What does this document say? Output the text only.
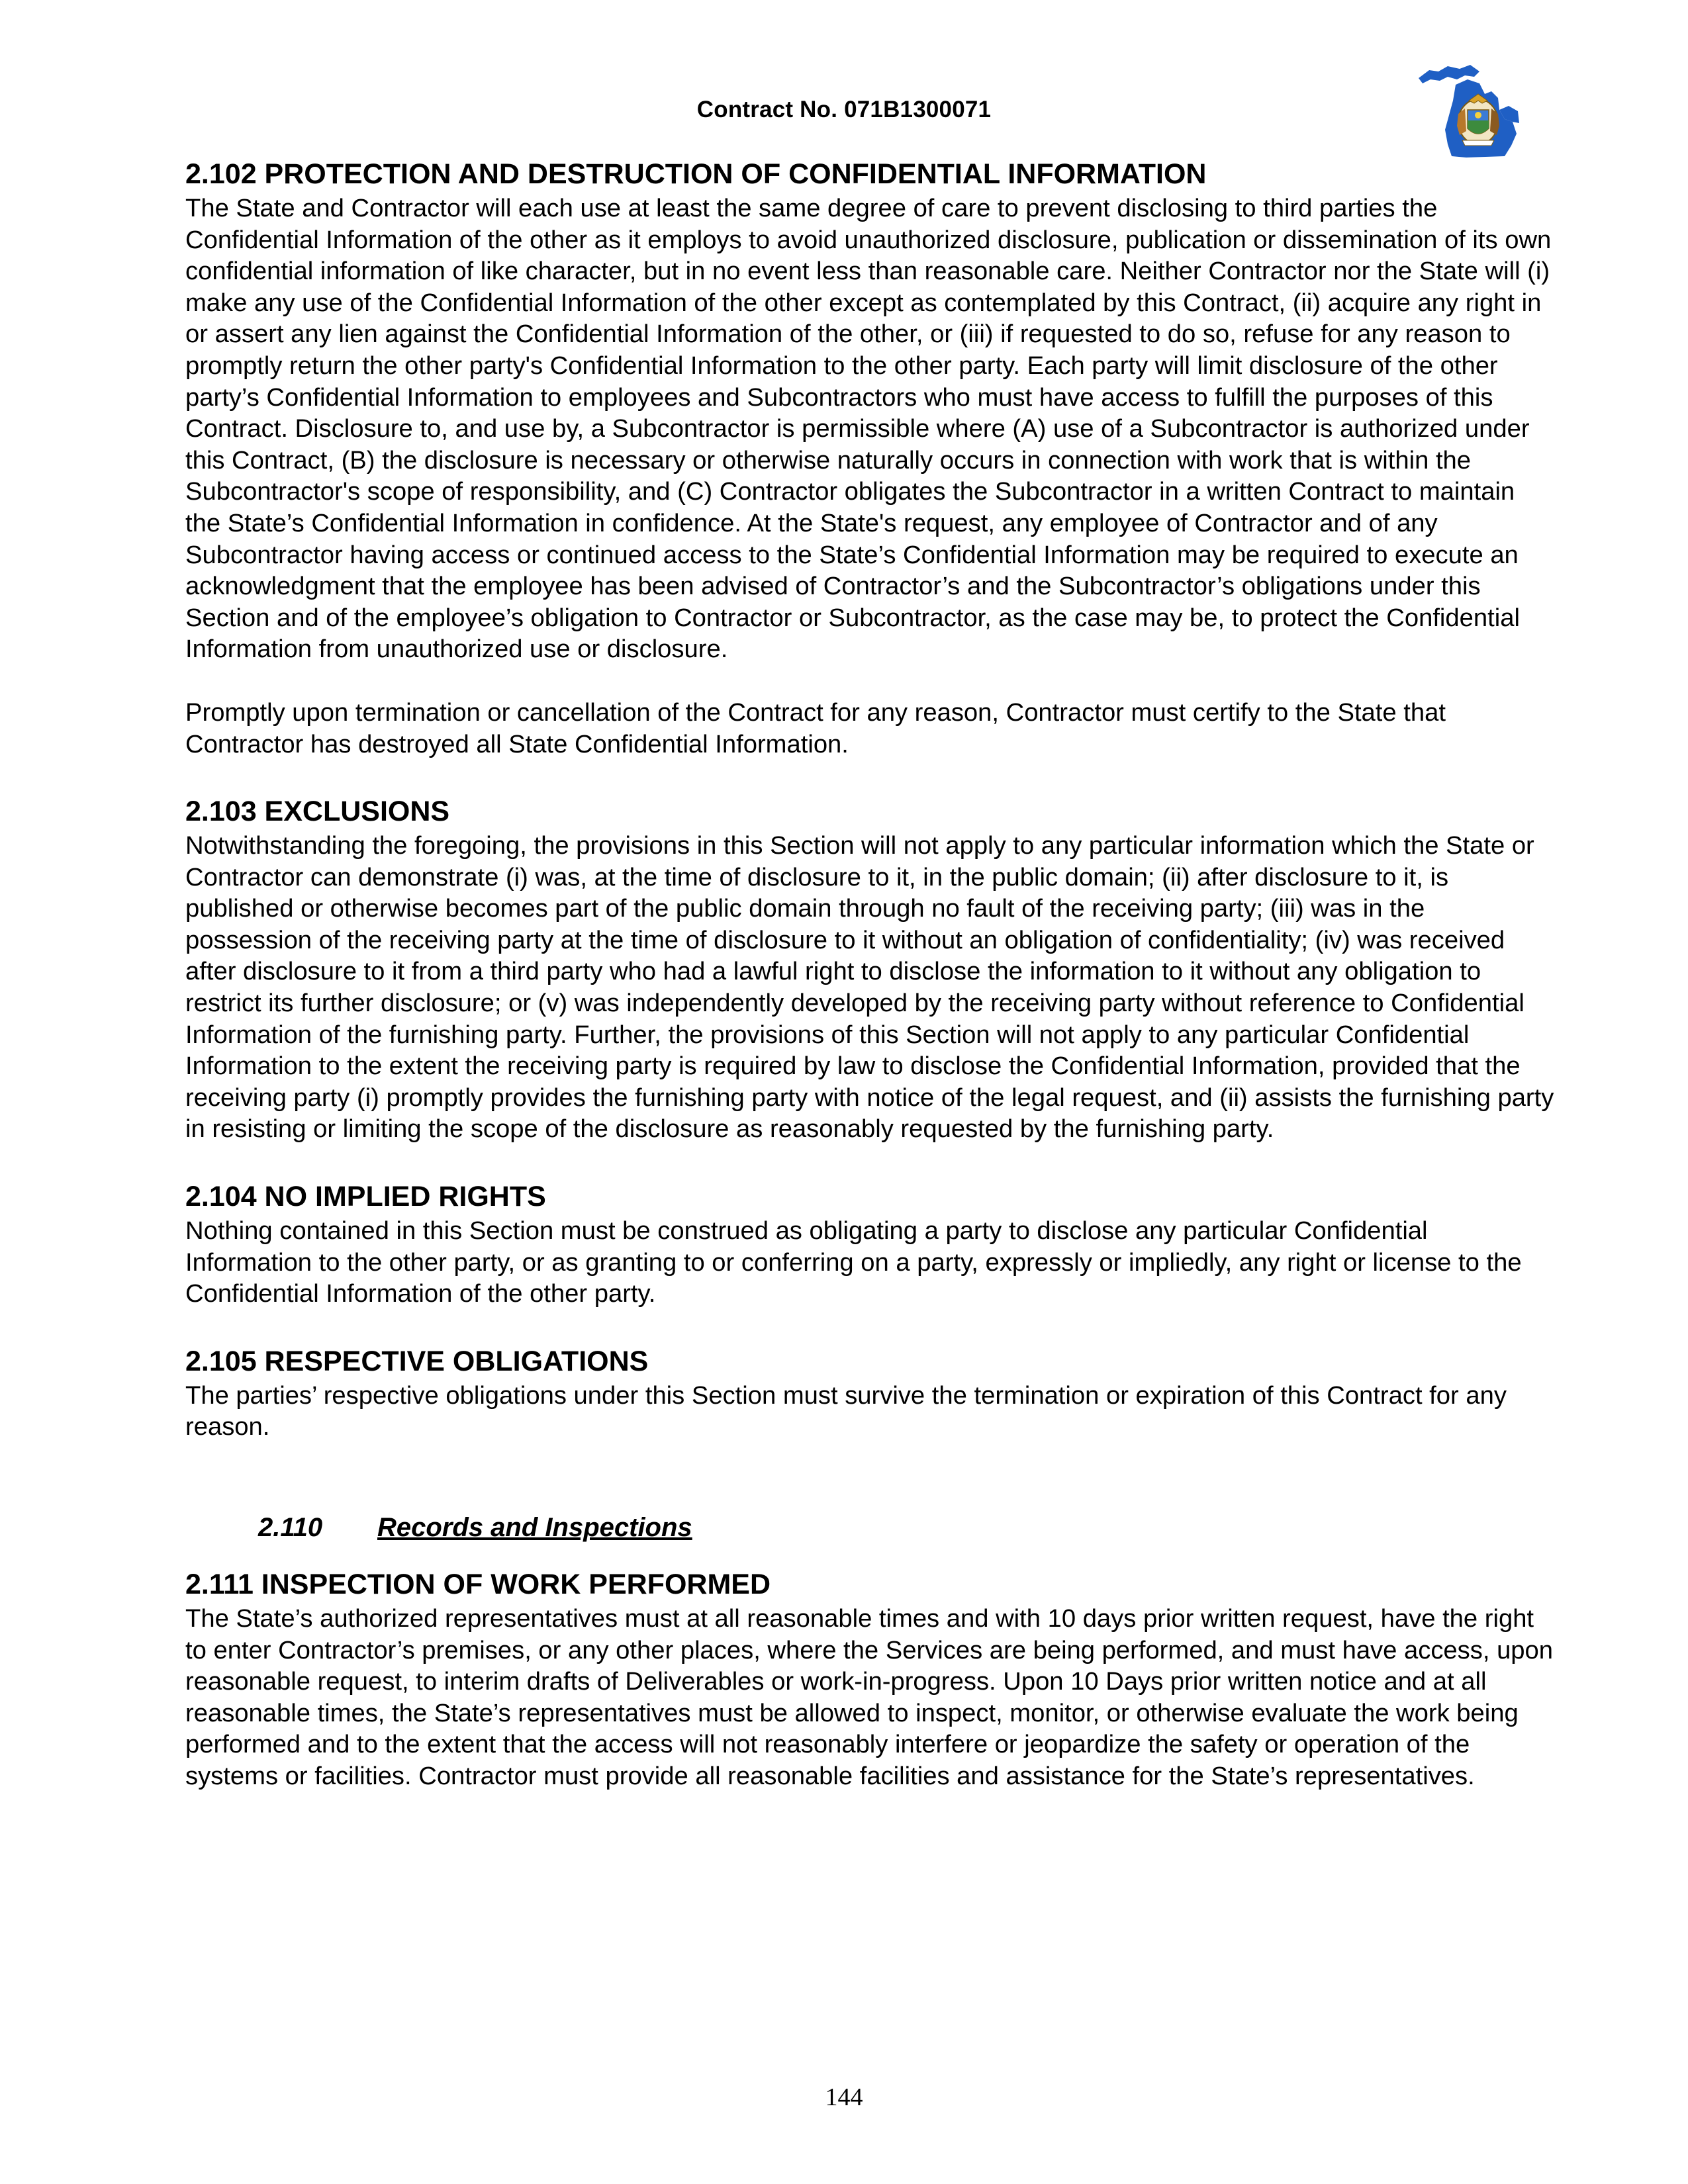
Contract No. 071B1300071
2.102 PROTECTION AND DESTRUCTION OF CONFIDENTIAL INFORMATION

The State and Contractor will each use at least the same degree of care to prevent disclosing to third parties the Confidential Information of the other as it employs to avoid unauthorized disclosure, publication or dissemination of its own confidential information of like character, but in no event less than reasonable care. Neither Contractor nor the State will (i) make any use of the Confidential Information of the other except as contemplated by this Contract, (ii) acquire any right in or assert any lien against the Confidential Information of the other, or (iii) if requested to do so, refuse for any reason to promptly return the other party's Confidential Information to the other party. Each party will limit disclosure of the other party’s Confidential Information to employees and Subcontractors who must have access to fulfill the purposes of this Contract. Disclosure to, and use by, a Subcontractor is permissible where (A) use of a Subcontractor is authorized under this Contract, (B) the disclosure is necessary or otherwise naturally occurs in connection with work that is within the Subcontractor's scope of responsibility, and (C) Contractor obligates the Subcontractor in a written Contract to maintain the State’s Confidential Information in confidence. At the State's request, any employee of Contractor and of any Subcontractor having access or continued access to the State’s Confidential Information may be required to execute an acknowledgment that the employee has been advised of Contractor’s and the Subcontractor’s obligations under this Section and of the employee’s obligation to Contractor or Subcontractor, as the case may be, to protect the Confidential Information from unauthorized use or disclosure.

Promptly upon termination or cancellation of the Contract for any reason, Contractor must certify to the State that Contractor has destroyed all State Confidential Information.

2.103 EXCLUSIONS

Notwithstanding the foregoing, the provisions in this Section will not apply to any particular information which the State or Contractor can demonstrate (i) was, at the time of disclosure to it, in the public domain; (ii) after disclosure to it, is published or otherwise becomes part of the public domain through no fault of the receiving party; (iii) was in the possession of the receiving party at the time of disclosure to it without an obligation of confidentiality; (iv) was received after disclosure to it from a third party who had a lawful right to disclose the information to it without any obligation to restrict its further disclosure; or (v) was independently developed by the receiving party without reference to Confidential Information of the furnishing party. Further, the provisions of this Section will not apply to any particular Confidential Information to the extent the receiving party is required by law to disclose the Confidential Information, provided that the receiving party (i) promptly provides the furnishing party with notice of the legal request, and (ii) assists the furnishing party in resisting or limiting the scope of the disclosure as reasonably requested by the furnishing party.

2.104 NO IMPLIED RIGHTS

Nothing contained in this Section must be construed as obligating a party to disclose any particular Confidential Information to the other party, or as granting to or conferring on a party, expressly or impliedly, any right or license to the Confidential Information of the other party.

2.105 RESPECTIVE OBLIGATIONS

The parties’ respective obligations under this Section must survive the termination or expiration of this Contract for any reason.

2.110 Records and Inspections
2.111 INSPECTION OF WORK PERFORMED

The State’s authorized representatives must at all reasonable times and with 10 days prior written request, have the right to enter Contractor’s premises, or any other places, where the Services are being performed, and must have access, upon reasonable request, to interim drafts of Deliverables or work-in-progress. Upon 10 Days prior written notice and at all reasonable times, the State’s representatives must be allowed to inspect, monitor, or otherwise evaluate the work being performed and to the extent that the access will not reasonably interfere or jeopardize the safety or operation of the systems or facilities. Contractor must provide all reasonable facilities and assistance for the State’s representatives.

144
